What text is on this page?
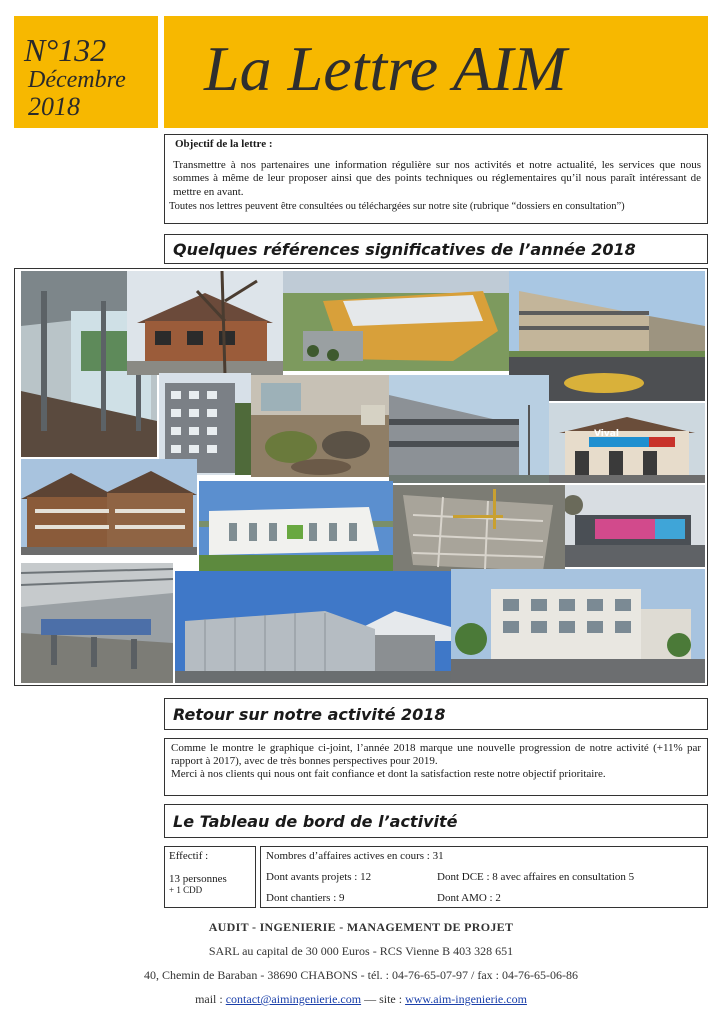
N°132
Décembre
2018
La Lettre AIM
Objectif de la lettre :
Transmettre à nos partenaires une information régulière sur nos activités et notre actualité, les services que nous sommes à même de leur proposer ainsi que des points techniques ou réglementaires qu’il nous paraît intéressant de mettre en avant.
Toutes nos lettres peuvent être consultées ou téléchargées sur notre site (rubrique “dossiers en consultation”)
Quelques références significatives de l’année 2018
Vival
Retour sur notre activité 2018
Comme le montre le graphique ci-joint, l’année 2018 marque une nouvelle progression de notre activité (+11% par rapport à 2017), avec de très bonnes perspectives pour 2019.
Merci à nos clients qui nous ont fait confiance et dont la satisfaction reste notre objectif prioritaire.
Le Tableau de bord de l’activité
Effectif :
13 personnes
+ 1 CDD
Nombres d’affaires actives en cours : 31
Dont avants projets : 12	Dont DCE : 8 avec affaires en consultation 5
Dont chantiers : 9	Dont AMO : 2
AUDIT - INGENIERIE - MANAGEMENT DE PROJET
SARL au capital de 30 000 Euros - RCS Vienne B 403 328 651
40, Chemin de Baraban - 38690 CHABONS - tél. : 04-76-65-07-97 / fax : 04-76-65-06-86
mail : contact@aimingenierie.com — site : www.aim-ingenierie.com
